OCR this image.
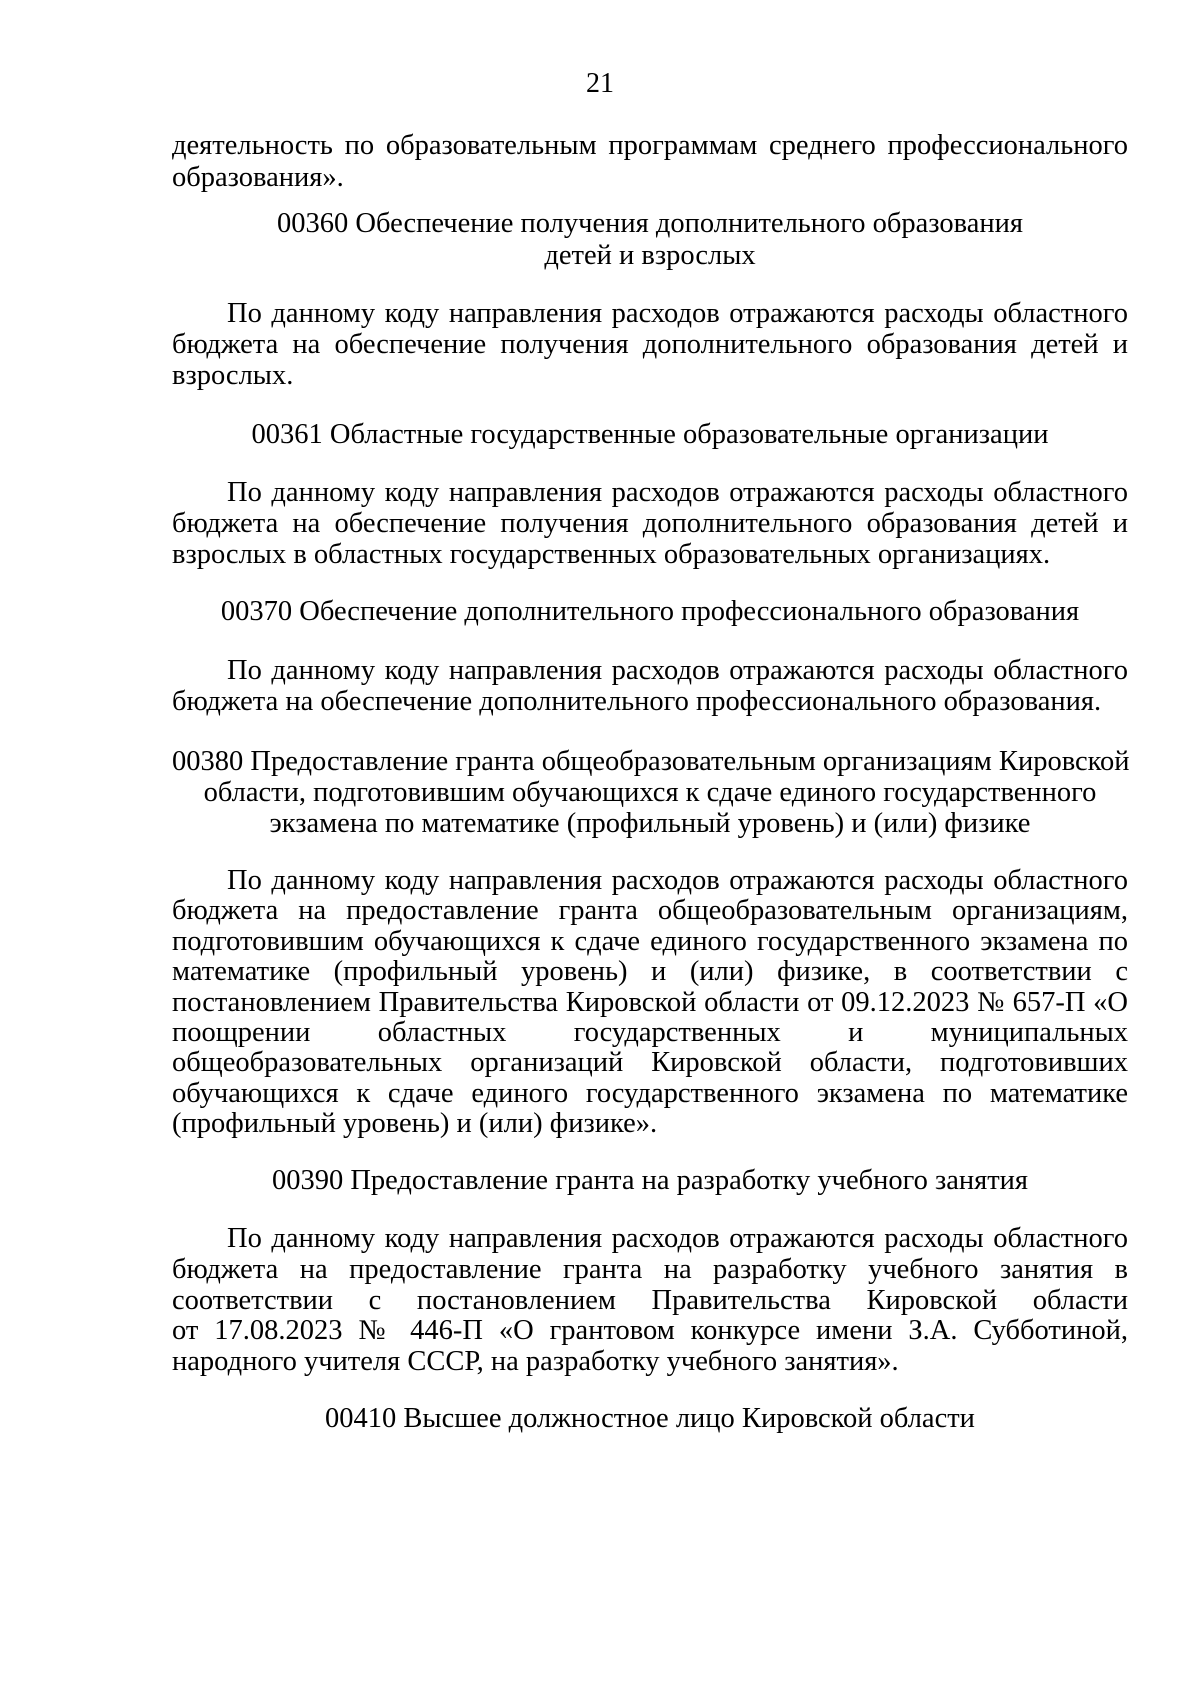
21

деятельность по образовательным программам среднего профессионального
образования».

00360 Обеспечение получения дополнительного образования
детей и взрослых

По данному коду направления расходов отражаются расходы областного
бюджета на обеспечение получения дополнительного образования детей и
взрослых.

00361 Областные государственные образовательные организации

По данному коду направления расходов отражаются расходы областного
бюджета на обеспечение получения дополнительного образования детей и
взрослых в областных государственных образовательных организациях.

00370 Обеспечение дополнительного профессионального образования

По данному коду направления расходов отражаются расходы областного
бюджета на обеспечение дополнительного профессионального образования.

00380 Предоставление гранта общеобразовательным организациям Кировской
области, подготовившим обучающихся к сдаче единого государственного
экзамена по математике (профильный уровень) и (или) физике

По данному коду направления расходов отражаются расходы областного
бюджета на предоставление гранта общеобразовательным организациям,
подготовившим обучающихся к сдаче единого государственного экзамена по
математике (профильный уровень) и (или) физике, в соответствии с
постановлением Правительства Кировской области от 09.12.2023 № 657-П «О
поощрении областных государственных и муниципальных
общеобразовательных организаций Кировской области, подготовивших
обучающихся к сдаче единого государственного экзамена по математике
(профильный уровень) и (или) физике».

00390 Предоставление гранта на разработку учебного занятия

По данному коду направления расходов отражаются расходы областного
бюджета на предоставление гранта на разработку учебного занятия в
соответствии с постановлением Правительства Кировской области
от 17.08.2023 № 446-П «О грантовом конкурсе имени З.А. Субботиной,
народного учителя СССР, на разработку учебного занятия».

00410 Высшее должностное лицо Кировской области
